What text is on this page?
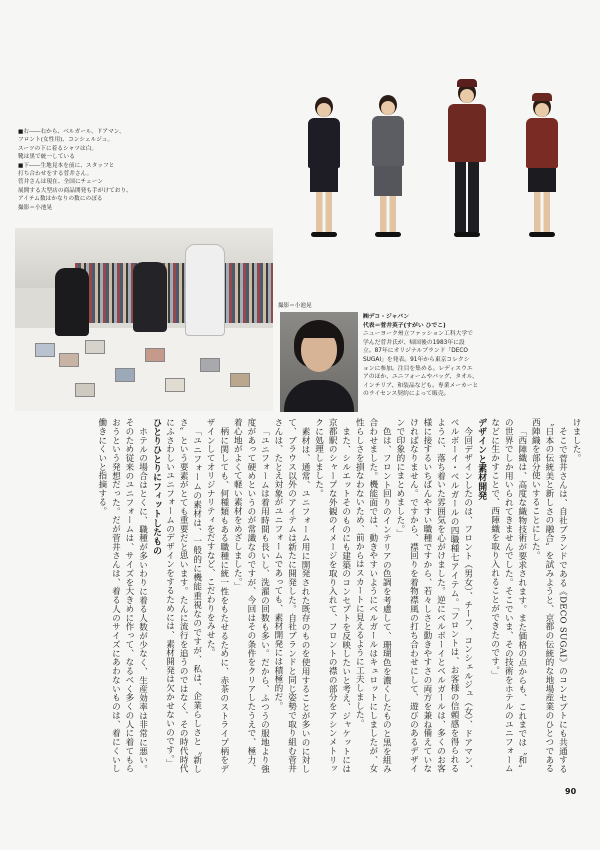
■右――右から、ベルガール、ドアマン、

フロント(女性用)、コンシェルジュ。

スーツの下に着るシャツは白。

靴は黒で統一している

■下――生地見本を前に、スタッフと

打ち合わせをする菅井さん。

菅井さんは現在、全国にチェーン

展開する大型店の商品開発も手がけており、

アイテム数はかなりの数にのぼる

撮影＝小池晃

撮影＝小池晃

㈱デコ・ジャパン

代表＝菅井英子(すがい ひでこ)

ニューヨーク州立ファッション工科大学で

学んだ菅井氏が、帰国後の1983年に設

立。87年にオリジナルブランド「DECO

SUGAI」を発表。91年から東京コレクシ

ョンに参加。注目を集める。レディスウエ

アのほか、ユニフォームやバッグ、タオル、

インテリア、和装品なども。専業メーカーと

のライセンス契約によって販売。

けました。

そこで菅井さんは、自社ブランドである《DECO SUGAI》のコンセプトにも共通する〝日本の伝統美と新しさの融合〟を試みようと、京都の伝統的な地場産業のひとつである西陣織を部分使いすることにした。

「西陣織は、高度な織物技術が要求されます。また価格の点からも、これまでは〝和〟の世界でしか用いられてきませんでした。そこでいま、その技術をホテルのユニフォームなどに生かすことで、西陣織を取り入れることができたのです。」

デザインと素材開発

今回デザインしたのは、フロント（男女）、チーフ、コンシェルジュ（女）、ドアマン、ベルボーイ・ベルガールの四職種七アイテム。「フロントは、お客様の信頼感を得られるように、落ち着いた雰囲気を心がけました。逆にベルボーイとベルガールは、多くのお客様に接するいちばんやすい職種ですから、若々しさと動きやすさの両方を兼ね備えていなければなりません。ですから、襟回りを着物襟風の打ち合わせにして、遊びのあるデザインで印象的にまとめました。」

色は、フロント回りのインテリアの色調を考慮して、珊瑚色を濃くしたものと黒を組み合わせました。機能面では、動きやすいようにベルガールはキュロットにしましたが、女性らしさを損なわないため、前からはスカートに見えるように工夫しました。

また、シルエットそのものにも建築のコンセプトを反映したいと考え、ジャケットには京都駅のシャープな外観のイメージを取り入れて、フロントの襟の部分をアシンメトリックに処理しました。

素材は、通常、ユニフォーム用に開発された既存のものを使用することが多いのに対して、ブラウス以外のアイテムは新たに開発した。自社ブランドと同じ姿勢で取り組む菅井さんは、たとえ対象がユニフォームであっても、素材開発には積極的だ。

「ユニフォームは着用時間も長いし、洗濯の回数も多い。だから、ふつうの服地より強度があって硬めというのが常識なのですが、今回はその条件をクリアしたうえで、極力、着心地がよくて軽い素材をめざしました。」

柄に関しても、何種類もある職種に統一性をもたせるために、赤茶のストライプ柄をデザインしてオリジナリティをだすなど、こだわりをみせた。

「ユニフォームの素材は、一般的に機能重視なのですが、私は、企業らしさと〝新しさ〟という要素がとても重要だと思います。たんに流行を追うのではなく、その時代時代にふさわしいユニフォームのデザインをするためには、素材開発は欠かせないのです。」

ひとりひとりにフィットしたもの

ホテルの場合はとくに、職種が多いわりに着る人数が少なく、生産効率は非常に悪い。そのため従来のユニフォームは、サイズを大きめに作って、なるべく多くの人に着てもらおうという発想だった。だが菅井さんは、着る人のサイズにあわないものは、着にくいし働きにくいと指摘する。

90
